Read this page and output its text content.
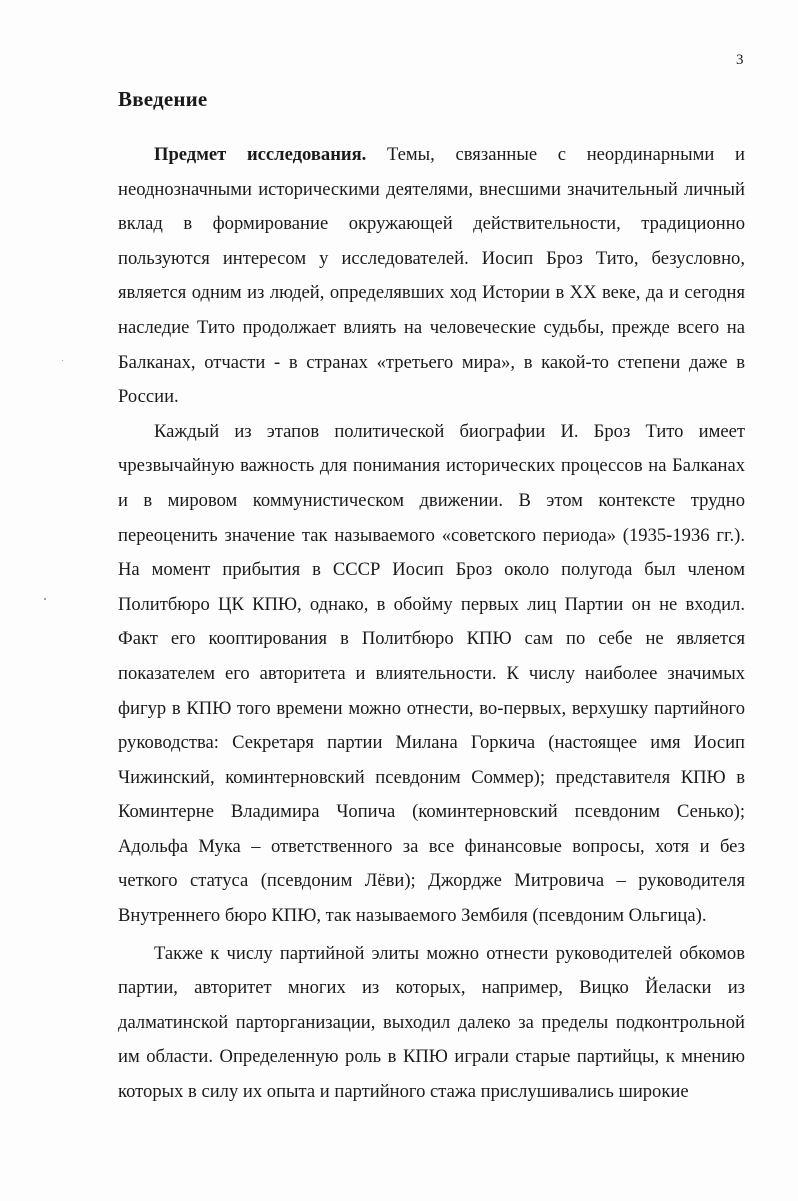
3
Введение

Предмет исследования. Темы, связанные с неординарными и неоднозначными историческими деятелями, внесшими значительный личный вклад в формирование окружающей действительности, традиционно пользуются интересом у исследователей. Иосип Броз Тито, безусловно, является одним из людей, определявших ход Истории в XX веке, да и сегодня наследие Тито продолжает влиять на человеческие судьбы, прежде всего на Балканах, отчасти - в странах «третьего мира», в какой-то степени даже в России.

Каждый из этапов политической биографии И. Броз Тито имеет чрезвычайную важность для понимания исторических процессов на Балканах и в мировом коммунистическом движении. В этом контексте трудно переоценить значение так называемого «советского периода» (1935-1936 гг.). На момент прибытия в СССР Иосип Броз около полугода был членом Политбюро ЦК КПЮ, однако, в обойму первых лиц Партии он не входил. Факт его кооптирования в Политбюро КПЮ сам по себе не является показателем его авторитета и влиятельности. К числу наиболее значимых фигур в КПЮ того времени можно отнести, во-первых, верхушку партийного руководства: Секретаря партии Милана Горкича (настоящее имя Иосип Чижинский, коминтерновский псевдоним Соммер); представителя КПЮ в Коминтерне Владимира Чопича (коминтерновский псевдоним Сенько); Адольфа Мука – ответственного за все финансовые вопросы, хотя и без четкого статуса (псевдоним Лёви); Джордже Митровича – руководителя Внутреннего бюро КПЮ, так называемого Зембиля (псевдоним Ольгица).

Также к числу партийной элиты можно отнести руководителей обкомов партии, авторитет многих из которых, например, Вицко Йеласки из далматинской парторганизации, выходил далеко за пределы подконтрольной им области. Определенную роль в КПЮ играли старые партийцы, к мнению которых в силу их опыта и партийного стажа прислушивались широкие
